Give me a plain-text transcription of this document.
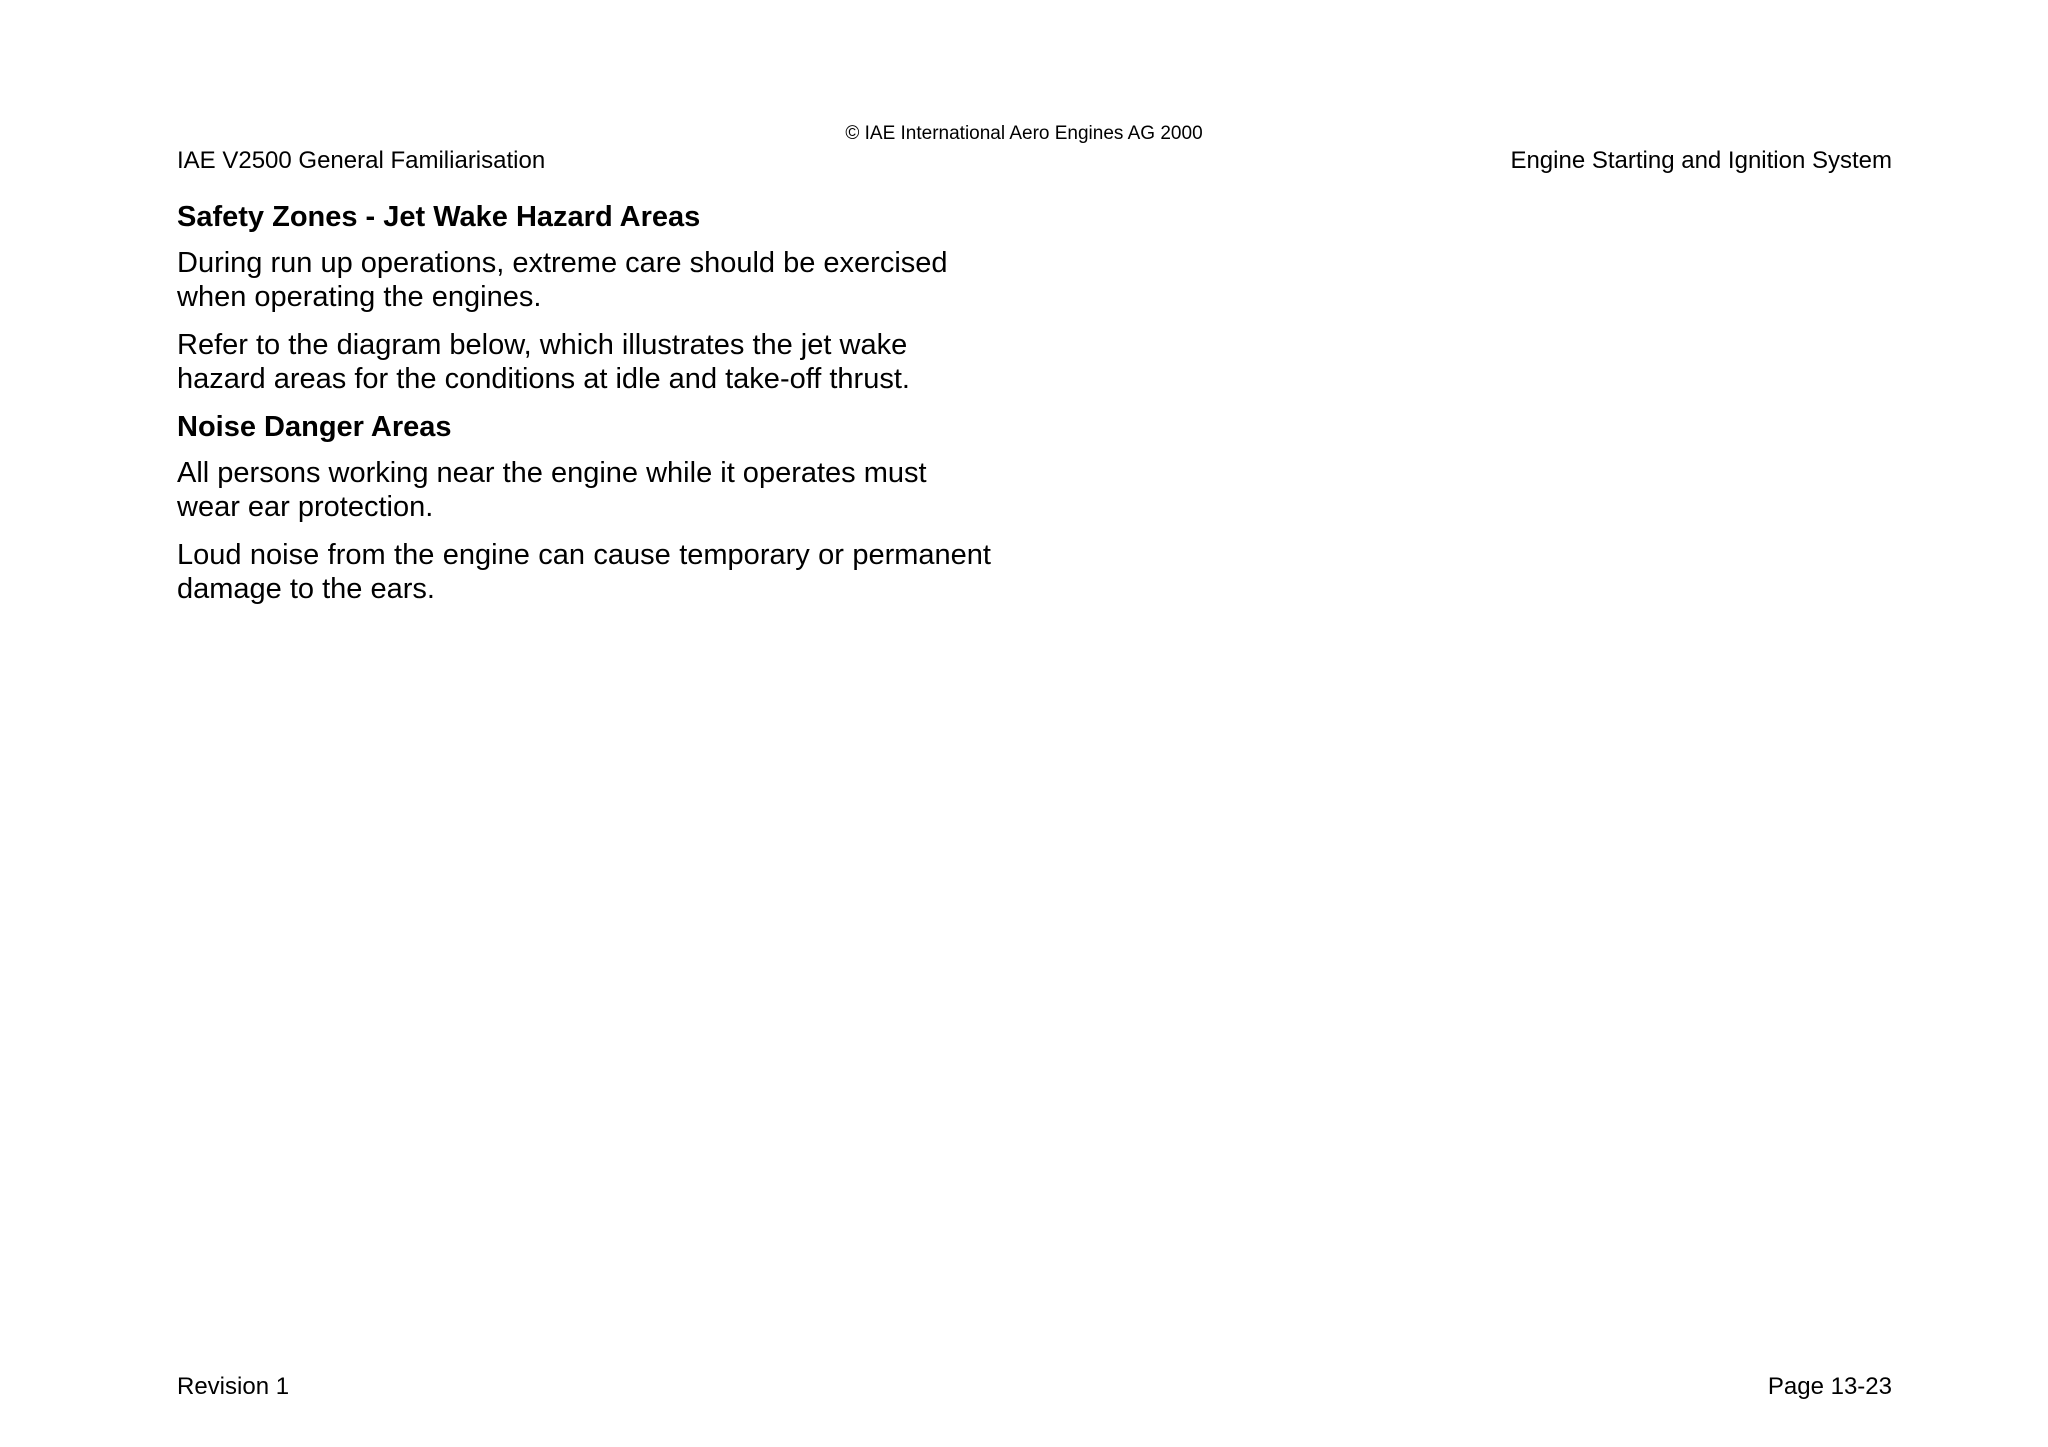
© IAE International Aero Engines AG 2000
IAE V2500 General Familiarisation	Engine Starting and Ignition System
Safety Zones - Jet Wake Hazard Areas
During run up operations, extreme care should be exercised
when operating the engines.
Refer to the diagram below, which illustrates the jet wake
hazard areas for the conditions at idle and take-off thrust.
Noise Danger Areas
All persons working near the engine while it operates must
wear ear protection.
Loud noise from the engine can cause temporary or permanent damage to the ears.
Revision 1	Page 13-23
